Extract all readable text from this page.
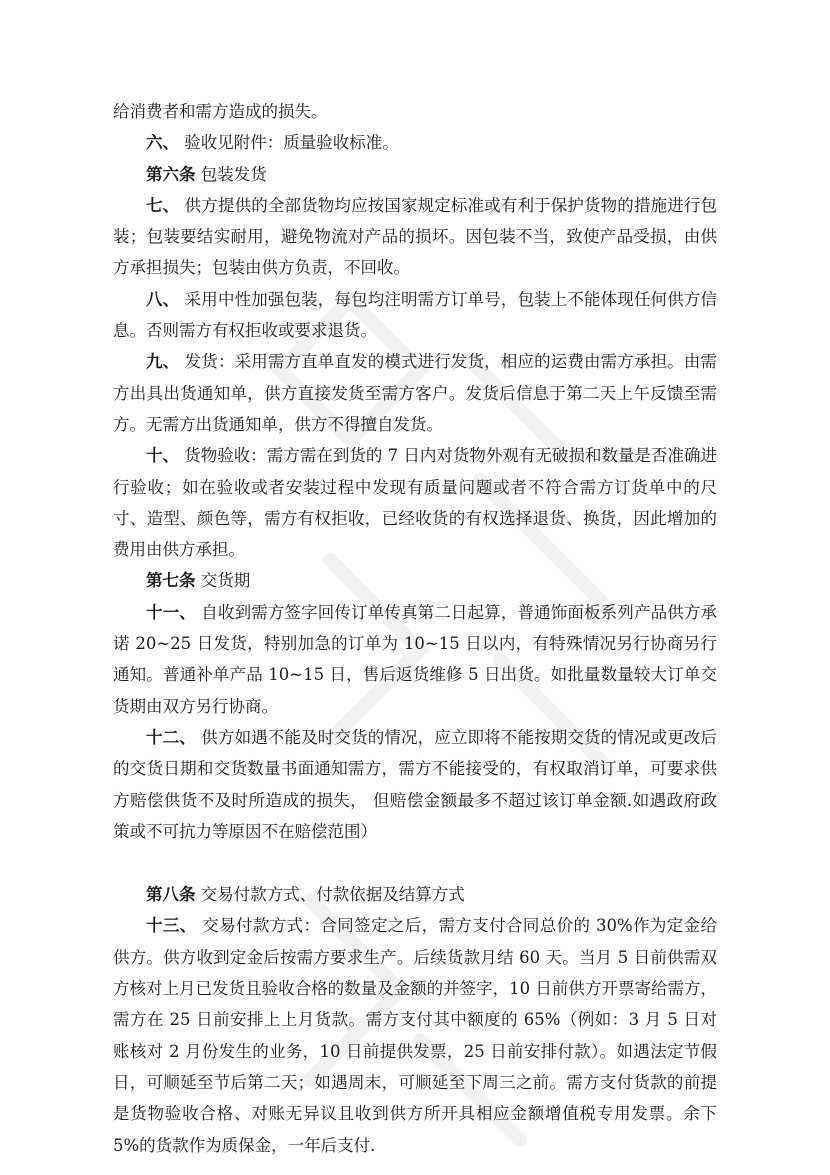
给消费者和需方造成的损失。

六、 验收见附件：质量验收标准。

第六条 包装发货

七、 供方提供的全部货物均应按国家规定标准或有利于保护货物的措施进行包装；包装要结实耐用，避免物流对产品的损坏。因包装不当，致使产品受损，由供方承担损失；包装由供方负责，不回收。

八、 采用中性加强包装，每包均注明需方订单号，包装上不能体现任何供方信息。否则需方有权拒收或要求退货。

九、 发货：采用需方直单直发的模式进行发货，相应的运费由需方承担。由需方出具出货通知单，供方直接发货至需方客户。发货后信息于第二天上午反馈至需方。无需方出货通知单，供方不得擅自发货。

十、 货物验收：需方需在到货的 7 日内对货物外观有无破损和数量是否准确进行验收；如在验收或者安装过程中发现有质量问题或者不符合需方订货单中的尺寸、造型、颜色等，需方有权拒收，已经收货的有权选择退货、换货，因此增加的费用由供方承担。

第七条 交货期

十一、 自收到需方签字回传订单传真第二日起算，普通饰面板系列产品供方承诺 20~25 日发货，特别加急的订单为 10~15 日以内，有特殊情况另行协商另行通知。普通补单产品 10~15 日，售后返货维修 5 日出货。如批量数量较大订单交货期由双方另行协商。

十二、 供方如遇不能及时交货的情况，应立即将不能按期交货的情况或更改后的交货日期和交货数量书面通知需方，需方不能接受的，有权取消订单，可要求供方赔偿供货不及时所造成的损失， 但赔偿金额最多不超过该订单金额.如遇政府政策或不可抗力等原因不在赔偿范围）

第八条 交易付款方式、付款依据及结算方式

十三、 交易付款方式：合同签定之后，需方支付合同总价的 30%作为定金给供方。供方收到定金后按需方要求生产。后续货款月结 60 天。当月 5 日前供需双方核对上月已发货且验收合格的数量及金额的并签字，10 日前供方开票寄给需方，需方在 25 日前安排上上月货款。需方支付其中额度的 65%（例如：3 月 5 日对账核对 2 月份发生的业务，10 日前提供发票，25 日前安排付款）。如遇法定节假日，可顺延至节后第二天；如遇周末，可顺延至下周三之前。需方支付货款的前提是货物验收合格、对账无异议且收到供方所开具相应金额增值税专用发票。余下 5%的货款作为质保金，一年后支付.
